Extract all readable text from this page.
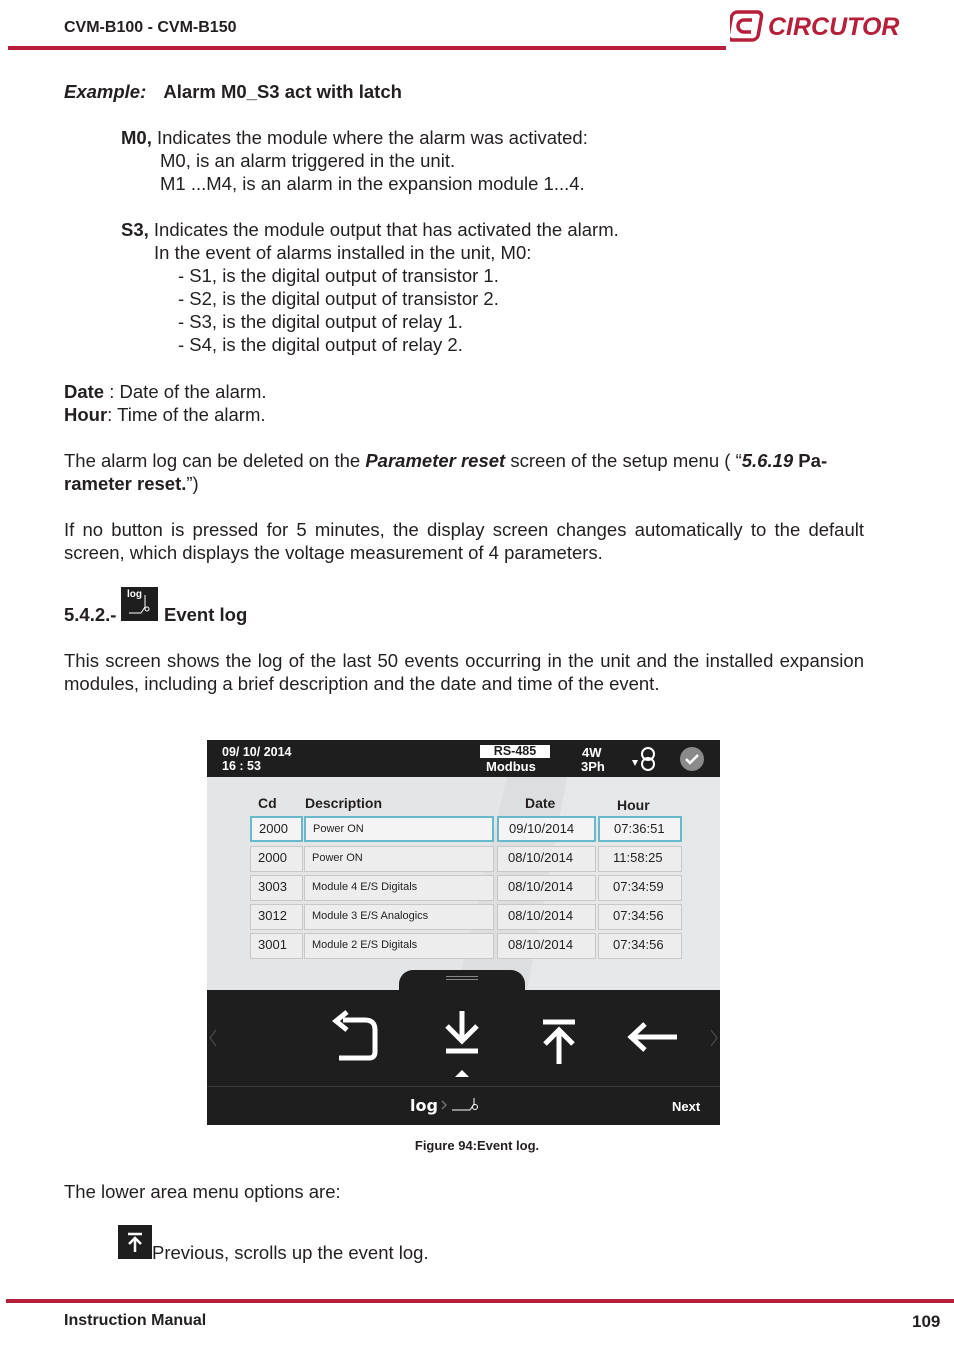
CVM-B100 - CVM-B150	CIRCUTOR
Example: Alarm M0_S3 act with latch
M0, Indicates the module where the alarm was activated:
M0, is an alarm triggered in the unit.
M1 ...M4, is an alarm in the expansion module 1...4.
S3, Indicates the module output that has activated the alarm.
In the event of alarms installed in the unit, M0:
- S1, is the digital output of transistor 1.
- S2, is the digital output of transistor 2.
- S3, is the digital output of relay 1.
- S4, is the digital output of relay 2.
Date : Date of the alarm.
Hour: Time of the alarm.
The alarm log can be deleted on the Parameter reset screen of the setup menu ( “5.6.19 Pa-
rameter reset.”)
If no button is pressed for 5 minutes, the display screen changes automatically to the default screen, which displays the voltage measurement of 4 parameters.
5.4.2.-
log
Event log
This screen shows the log of the last 50 events occurring in the unit and the installed expansion modules, including a brief description and the date and time of the event.
09/ 10/ 2014
16 : 53
RS-485
Modbus
4W
3Ph
Cd Description	Date	Hour
2000	Power ON	09/10/2014	07:36:51
2000	Power ON	08/10/2014	11:58:25
3003	Module 4 E/S Digitals	08/10/2014	07:34:59
3012	Module 3 E/S Analogics	08/10/2014	07:34:56
3001	Module 2 E/S Digitals	08/10/2014	07:34:56
log	Next
Figure 94:Event log.
The lower area menu options are:
Previous, scrolls up the event log.
Instruction Manual	109
